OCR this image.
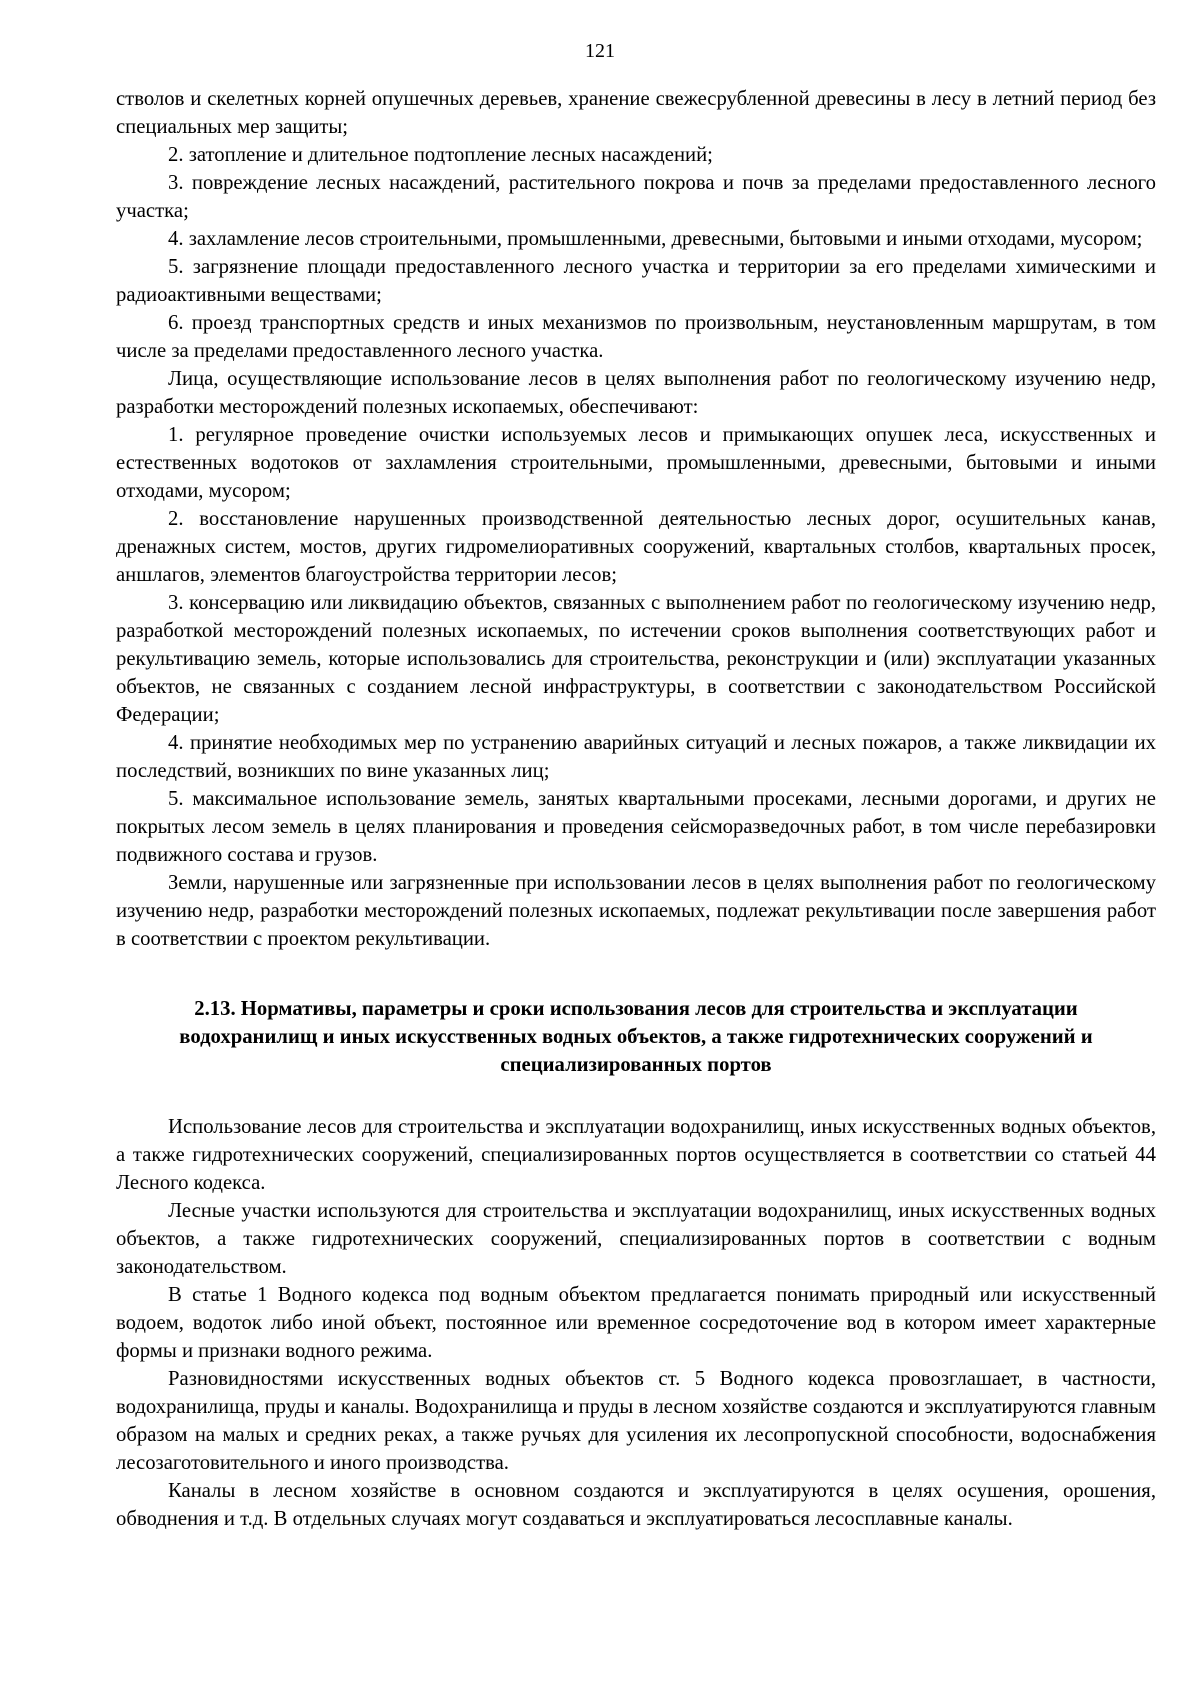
121

стволов и скелетных корней опушечных деревьев, хранение свежесрубленной древесины в лесу в летний период без специальных мер защиты;

2. затопление и длительное подтопление лесных насаждений;

3. повреждение лесных насаждений, растительного покрова и почв за пределами предоставленного лесного участка;

4. захламление лесов строительными, промышленными, древесными, бытовыми и иными отходами, мусором;

5. загрязнение площади предоставленного лесного участка и территории за его пределами химическими и радиоактивными веществами;

6. проезд транспортных средств и иных механизмов по произвольным, неустановленным маршрутам, в том числе за пределами предоставленного лесного участка.

Лица, осуществляющие использование лесов в целях выполнения работ по геологическому изучению недр, разработки месторождений полезных ископаемых, обеспечивают:

1. регулярное проведение очистки используемых лесов и примыкающих опушек леса, искусственных и естественных водотоков от захламления строительными, промышленными, древесными, бытовыми и иными отходами, мусором;

2. восстановление нарушенных производственной деятельностью лесных дорог, осушительных канав, дренажных систем, мостов, других гидромелиоративных сооружений, квартальных столбов, квартальных просек, аншлагов, элементов благоустройства территории лесов;

3. консервацию или ликвидацию объектов, связанных с выполнением работ по геологическому изучению недр, разработкой месторождений полезных ископаемых, по истечении сроков выполнения соответствующих работ и рекультивацию земель, которые использовались для строительства, реконструкции и (или) эксплуатации указанных объектов, не связанных с созданием лесной инфраструктуры, в соответствии с законодательством Российской Федерации;

4. принятие необходимых мер по устранению аварийных ситуаций и лесных пожаров, а также ликвидации их последствий, возникших по вине указанных лиц;

5. максимальное использование земель, занятых квартальными просеками, лесными дорогами, и других не покрытых лесом земель в целях планирования и проведения сейсморазведочных работ, в том числе перебазировки подвижного состава и грузов.

Земли, нарушенные или загрязненные при использовании лесов в целях выполнения работ по геологическому изучению недр, разработки месторождений полезных ископаемых, подлежат рекультивации после завершения работ в соответствии с проектом рекультивации.

2.13. Нормативы, параметры и сроки использования лесов для строительства и эксплуатации водохранилищ и иных искусственных водных объектов, а также гидротехнических сооружений и специализированных портов

Использование лесов для строительства и эксплуатации водохранилищ, иных искусственных водных объектов, а также гидротехнических сооружений, специализированных портов осуществляется в соответствии со статьей 44 Лесного кодекса.

Лесные участки используются для строительства и эксплуатации водохранилищ, иных искусственных водных объектов, а также гидротехнических сооружений, специализированных портов в соответствии с водным законодательством.

В статье 1 Водного кодекса под водным объектом предлагается понимать природный или искусственный водоем, водоток либо иной объект, постоянное или временное сосредоточение вод в котором имеет характерные формы и признаки водного режима.

Разновидностями искусственных водных объектов ст. 5 Водного кодекса провозглашает, в частности, водохранилища, пруды и каналы. Водохранилища и пруды в лесном хозяйстве создаются и эксплуатируются главным образом на малых и средних реках, а также ручьях для усиления их лесопропускной способности, водоснабжения лесозаготовительного и иного производства.

Каналы в лесном хозяйстве в основном создаются и эксплуатируются в целях осушения, орошения, обводнения и т.д. В отдельных случаях могут создаваться и эксплуатироваться лесосплавные каналы.
